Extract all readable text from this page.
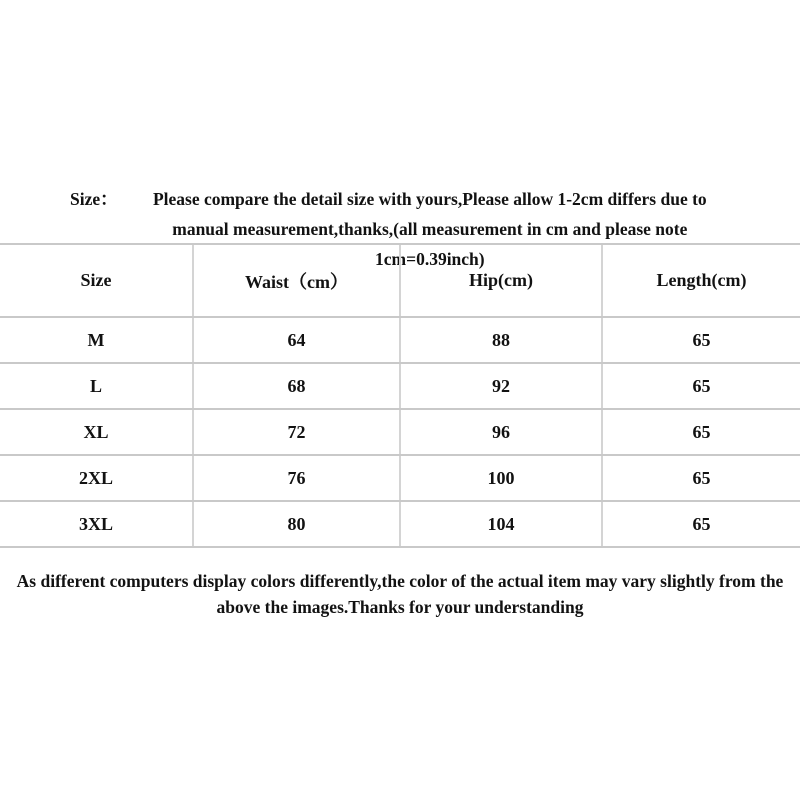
Size：	Please compare the detail size with yours,Please allow 1-2cm differs due to manual measurement,thanks,(all measurement in cm and please note 1cm=0.39inch)
Size	Waist（cm）	Hip(cm)	Length(cm)
M	64	88	65
L	68	92	65
XL	72	96	65
2XL	76	100	65
3XL	80	104	65
As different computers display colors differently,the color of the actual item may vary slightly from the above the images.Thanks for your understanding
